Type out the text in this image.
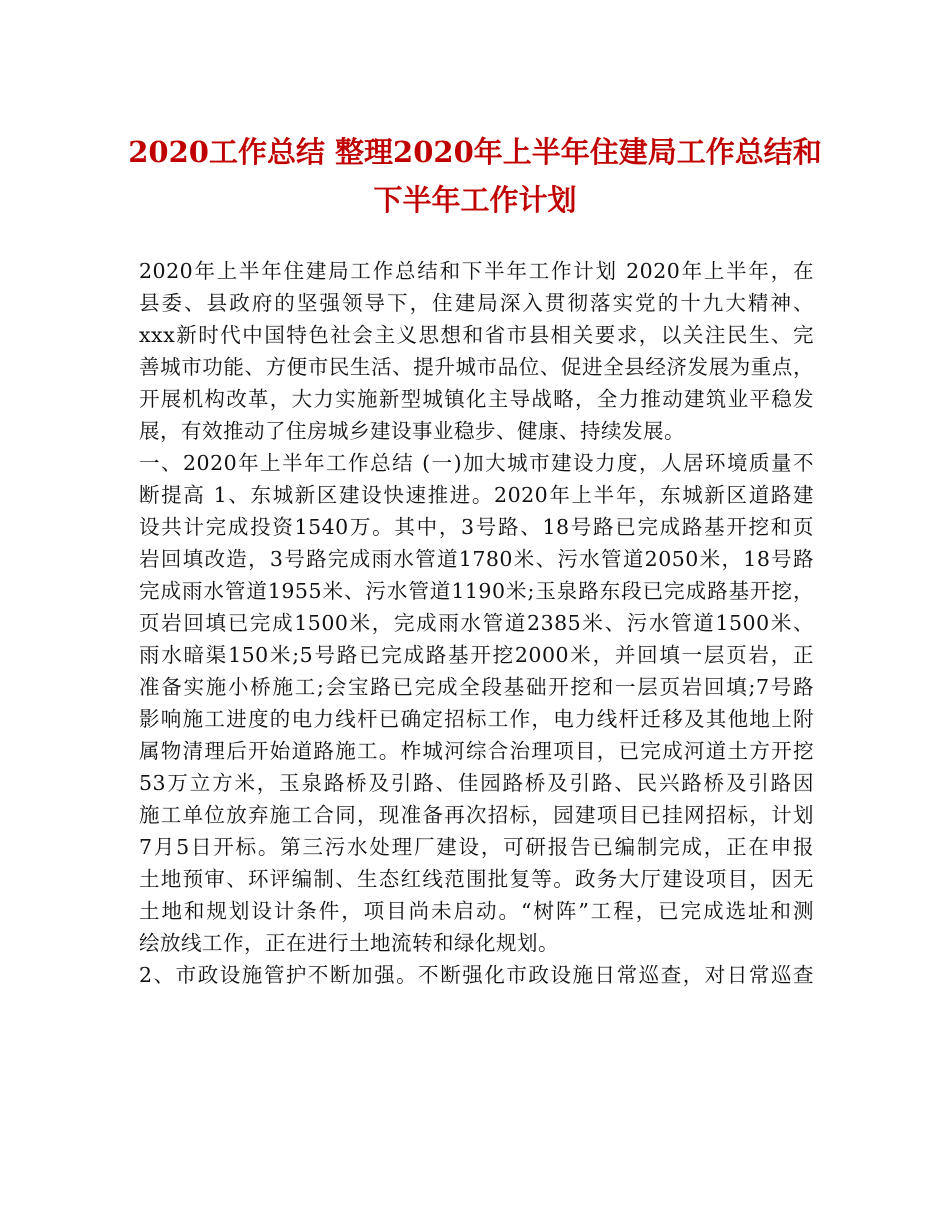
2020工作总结 整理2020年上半年住建局工作总结和下半年工作计划

2020年上半年住建局工作总结和下半年工作计划 2020年上半年，在
县委、县政府的坚强领导下，住建局深入贯彻落实党的十九大精神、
xxx新时代中国特色社会主义思想和省市县相关要求，以关注民生、完
善城市功能、方便市民生活、提升城市品位、促进全县经济发展为重点，
开展机构改革，大力实施新型城镇化主导战略，全力推动建筑业平稳发
展，有效推动了住房城乡建设事业稳步、健康、持续发展。

一、2020年上半年工作总结 (一)加大城市建设力度，人居环境质量不
断提高 1、东城新区建设快速推进。2020年上半年，东城新区道路建
设共计完成投资1540万。其中，3号路、18号路已完成路基开挖和页
岩回填改造，3号路完成雨水管道1780米、污水管道2050米，18号路
完成雨水管道1955米、污水管道1190米;玉泉路东段已完成路基开挖，
页岩回填已完成1500米，完成雨水管道2385米、污水管道1500米、
雨水暗渠150米;5号路已完成路基开挖2000米，并回填一层页岩，正
准备实施小桥施工;会宝路已完成全段基础开挖和一层页岩回填;7号路
影响施工进度的电力线杆已确定招标工作，电力线杆迁移及其他地上附
属物清理后开始道路施工。柞城河综合治理项目，已完成河道土方开挖
53万立方米，玉泉路桥及引路、佳园路桥及引路、民兴路桥及引路因
施工单位放弃施工合同，现准备再次招标，园建项目已挂网招标，计划
7月5日开标。第三污水处理厂建设，可研报告已编制完成，正在申报
土地预审、环评编制、生态红线范围批复等。政务大厅建设项目，因无
土地和规划设计条件，项目尚未启动。“树阵”工程，已完成选址和测
绘放线工作，正在进行土地流转和绿化规划。

2、市政设施管护不断加强。不断强化市政设施日常巡查，对日常巡查
